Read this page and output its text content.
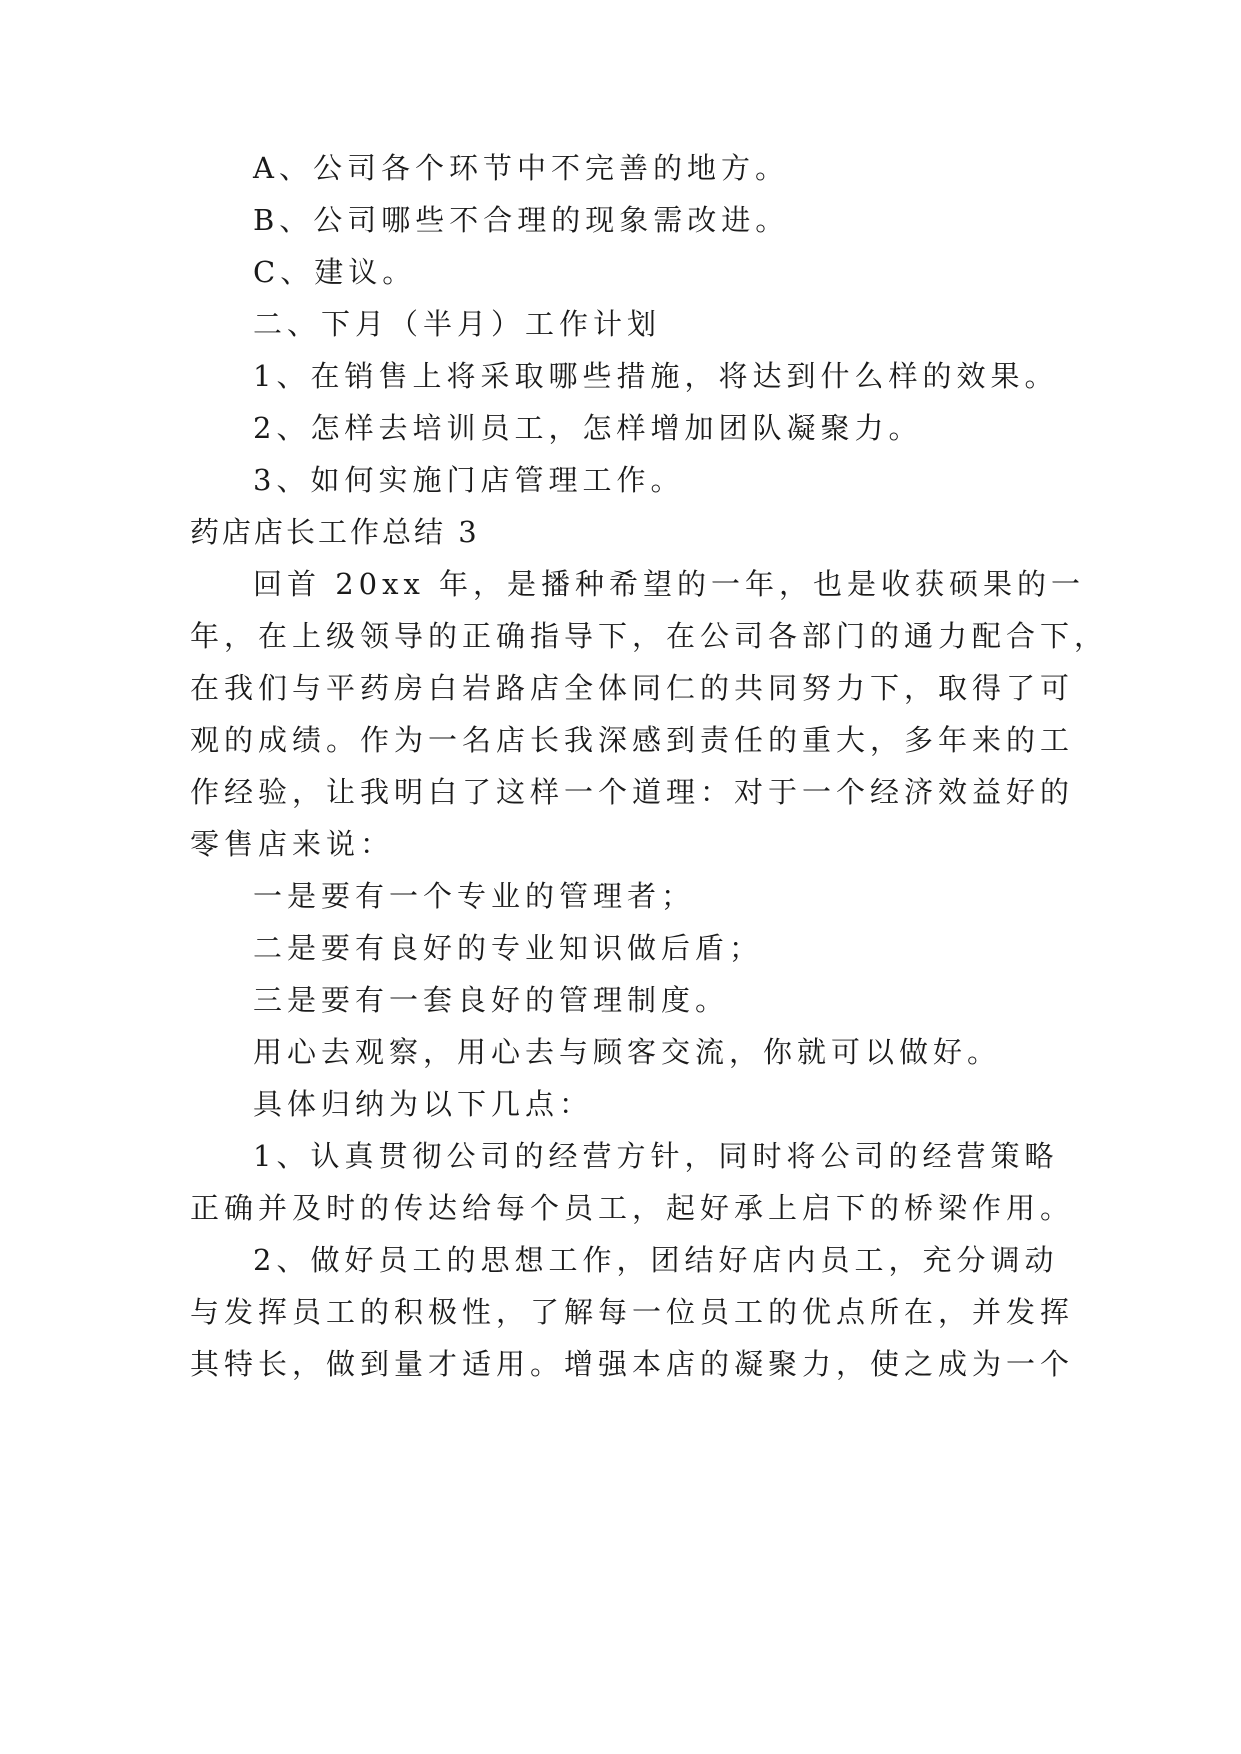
A、公司各个环节中不完善的地方。
B、公司哪些不合理的现象需改进。
C、建议。
二、下月（半月）工作计划
1、在销售上将采取哪些措施，将达到什么样的效果。
2、怎样去培训员工，怎样增加团队凝聚力。
3、如何实施门店管理工作。
药店店长工作总结 3
回首 20xx 年，是播种希望的一年，也是收获硕果的一
年，在上级领导的正确指导下，在公司各部门的通力配合下，
在我们与平药房白岩路店全体同仁的共同努力下，取得了可
观的成绩。作为一名店长我深感到责任的重大，多年来的工
作经验，让我明白了这样一个道理：对于一个经济效益好的
零售店来说：
一是要有一个专业的管理者；
二是要有良好的专业知识做后盾；
三是要有一套良好的管理制度。
用心去观察，用心去与顾客交流，你就可以做好。
具体归纳为以下几点：
1、认真贯彻公司的经营方针，同时将公司的经营策略
正确并及时的传达给每个员工，起好承上启下的桥梁作用。
2、做好员工的思想工作，团结好店内员工，充分调动
与发挥员工的积极性，了解每一位员工的优点所在，并发挥
其特长，做到量才适用。增强本店的凝聚力，使之成为一个
